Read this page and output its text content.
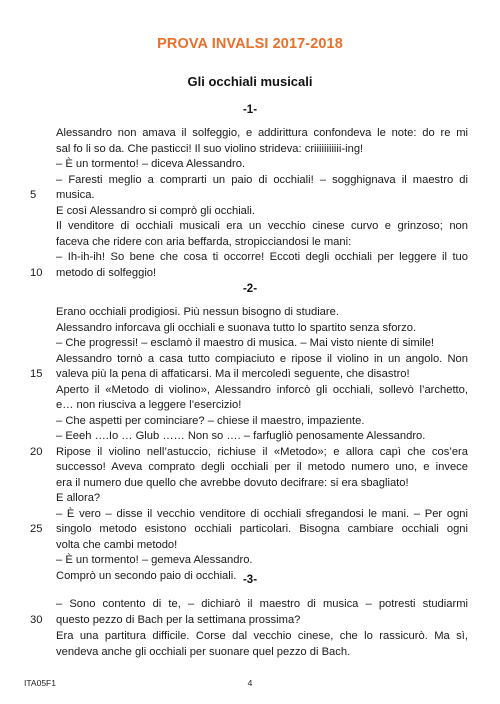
PROVA INVALSI 2017-2018
Gli occhiali musicali
-1-
Alessandro non amava il solfeggio, e addirittura confondeva le note: do re mi
sal fo li so da. Che pasticci! Il suo violino strideva: criiiiiiiiiii-ing!
– È un tormento! – diceva Alessandro.
– Faresti meglio a comprarti un paio di occhiali! – sogghignava il maestro di
5	musica.
E così Alessandro si comprò gli occhiali.
Il venditore di occhiali musicali era un vecchio cinese curvo e grinzoso; non
faceva che ridere con aria beffarda, stropicciandosi le mani:
– Ih-ih-ih! So bene che cosa ti occorre! Eccoti degli occhiali per leggere il tuo
10	metodo di solfeggio!
-2-
Erano occhiali prodigiosi. Più nessun bisogno di studiare.
Alessandro inforcava gli occhiali e suonava tutto lo spartito senza sforzo.
– Che progressi! – esclamò il maestro di musica. – Mai visto niente di simile!
Alessandro tornò a casa tutto compiaciuto e ripose il violino in un angolo. Non
15	valeva più la pena di affaticarsi. Ma il mercoledì seguente, che disastro!
Aperto il «Metodo di violino», Alessandro inforcò gli occhiali, sollevò l’archetto,
e… non riusciva a leggere l’esercizio!
– Che aspetti per cominciare? – chiese il maestro, impaziente.
– Eeeh ….Io … Glub …… Non so …. – farfugliò penosamente Alessandro.
20	Ripose il violino nell’astuccio, richiuse il «Metodo»; e allora capì che cos’era
successo! Aveva comprato degli occhiali per il metodo numero uno, e invece
era il numero due quello che avrebbe dovuto decifrare: si era sbagliato!
E allora?
– È vero – disse il vecchio venditore di occhiali sfregandosi le mani. – Per ogni
25	singolo metodo esistono occhiali particolari. Bisogna cambiare occhiali ogni
volta che cambi metodo!
– È un tormento! – gemeva Alessandro.
Comprò un secondo paio di occhiali.
ITA05F1	4
-3-
– Sono contento di te, – dichiarò il maestro di musica – potresti studiarmi
questo pezzo di Bach per la settimana prossima?
30
Era una partitura difficile. Corse dal vecchio cinese, che lo rassicurò. Ma sì,
vendeva anche gli occhiali per suonare quel pezzo di Bach.
